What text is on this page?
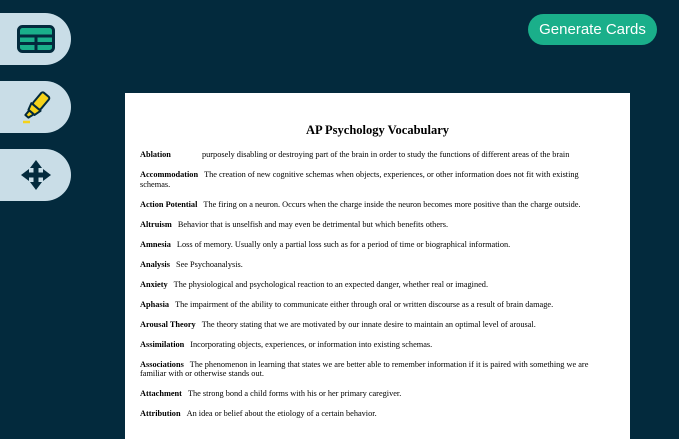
Generate Cards
AP Psychology Vocabulary
Ablation	purposely disabling or destroying part of the brain in order to study the functions of different areas of the brain
Accommodation The creation of new cognitive schemas when objects, experiences, or other information does not fit with existing schemas.
Action Potential The firing on a neuron. Occurs when the charge inside the neuron becomes more positive than the charge outside.
Altruism Behavior that is unselfish and may even be detrimental but which benefits others.
Amnesia Loss of memory. Usually only a partial loss such as for a period of time or biographical information.
Analysis See Psychoanalysis.
Anxiety The physiological and psychological reaction to an expected danger, whether real or imagined.
Aphasia The impairment of the ability to communicate either through oral or written discourse as a result of brain damage.
Arousal Theory The theory stating that we are motivated by our innate desire to maintain an optimal level of arousal.
Assimilation Incorporating objects, experiences, or information into existing schemas.
Associations The phenomenon in learning that states we are better able to remember information if it is paired with something we are familiar with or otherwise stands out.
Attachment The strong bond a child forms with his or her primary caregiver.
Attribution An idea or belief about the etiology of a certain behavior.
